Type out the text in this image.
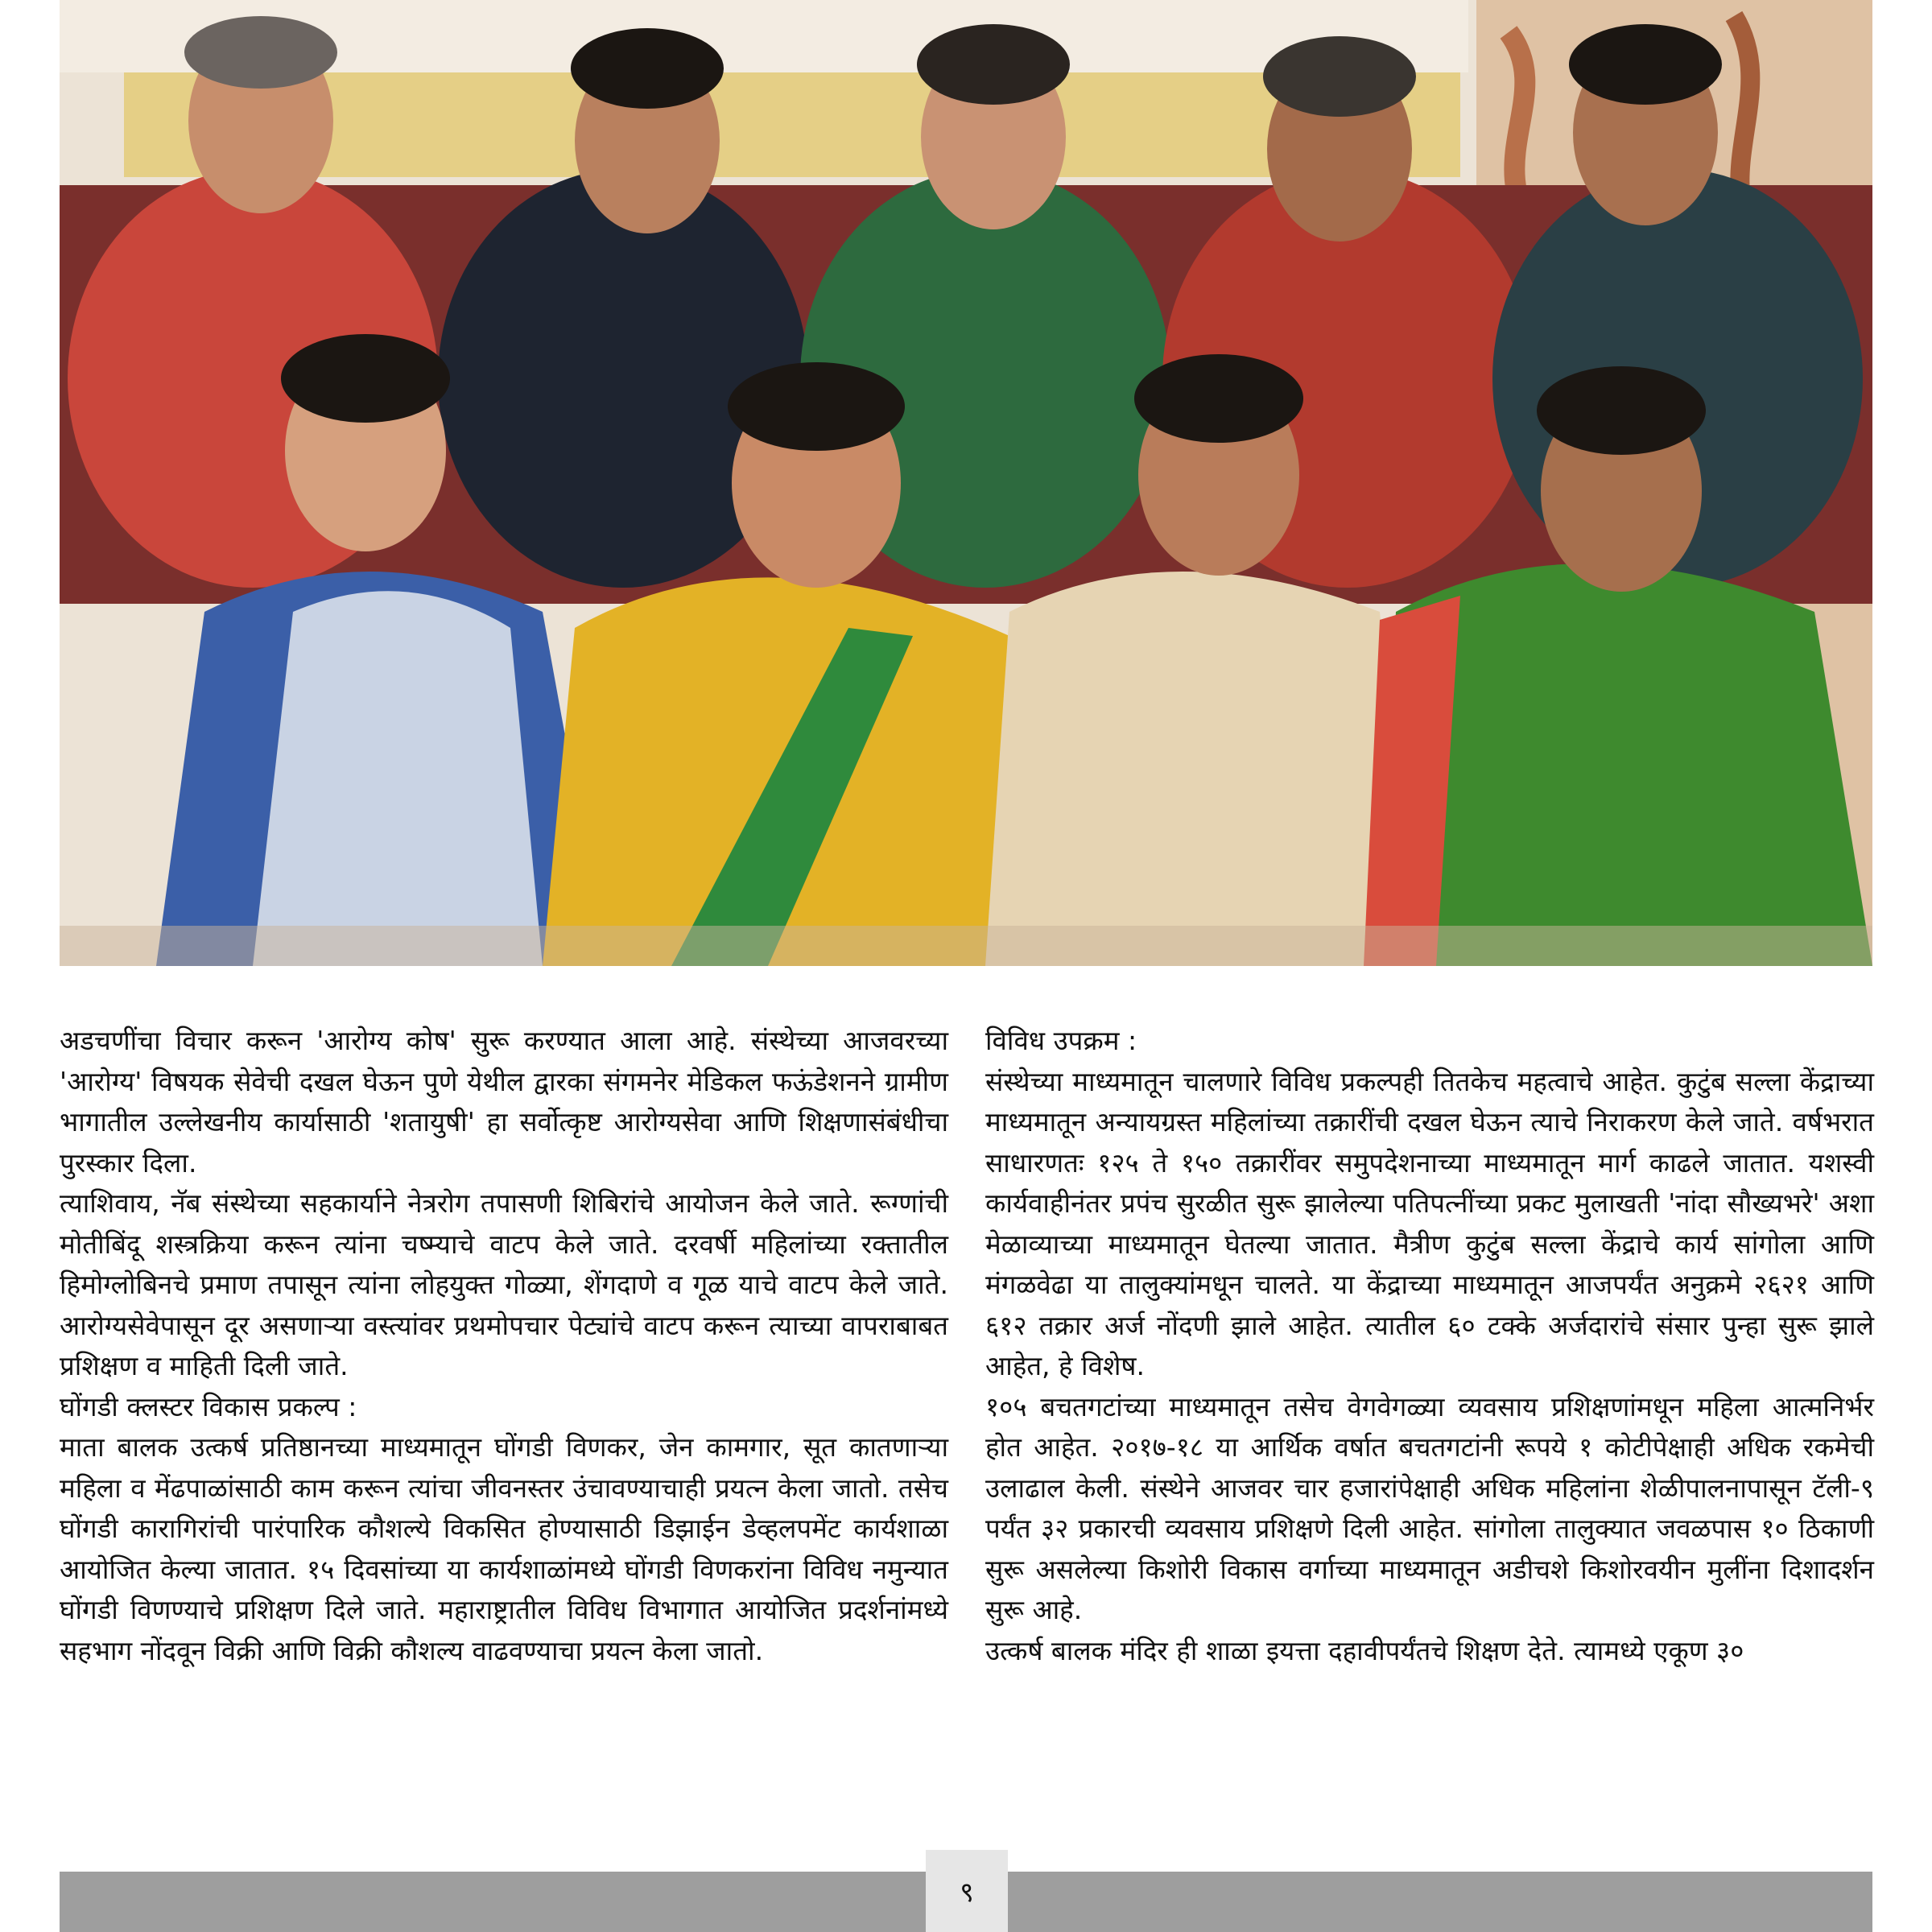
अडचणींचा विचार करून 'आरोग्य कोष' सुरू करण्यात आला आहे. संस्थेच्या आजवरच्या 'आरोग्य' विषयक सेवेची दखल घेऊन पुणे येथील द्वारका संगमनेर मेडिकल फऊंडेशनने ग्रामीण भागातील उल्लेखनीय कार्यासाठी 'शतायुषी' हा सर्वोत्कृष्ट आरोग्यसेवा आणि शिक्षणासंबंधीचा पुरस्कार दिला.

त्याशिवाय, नॅब संस्थेच्या सहकार्याने नेत्ररोग तपासणी शिबिरांचे आयोजन केले जाते. रूग्णांची मोतीबिंदू शस्त्रक्रिया करून त्यांना चष्म्याचे वाटप केले जाते. दरवर्षी महिलांच्या रक्तातील हिमोग्लोबिनचे प्रमाण तपासून त्यांना लोहयुक्त गोळ्या, शेंगदाणे व गूळ याचे वाटप केले जाते. आरोग्यसेवेपासून दूर असणाऱ्या वस्त्यांवर प्रथमोपचार पेट्यांचे वाटप करून त्याच्या वापराबाबत प्रशिक्षण व माहिती दिली जाते.

घोंगडी क्लस्टर विकास प्रकल्प :

माता बालक उत्कर्ष प्रतिष्ठानच्या माध्यमातून घोंगडी विणकर, जेन कामगार, सूत कातणाऱ्या महिला व मेंढपाळांसाठी काम करून त्यांचा जीवनस्तर उंचावण्याचाही प्रयत्न केला जातो. तसेच घोंगडी कारागिरांची पारंपारिक कौशल्ये विकसित होण्यासाठी डिझाईन डेव्हलपमेंट कार्यशाळा आयोजित केल्या जातात. १५ दिवसांच्या या कार्यशाळांमध्ये घोंगडी विणकरांना विविध नमुन्यात घोंगडी विणण्याचे प्रशिक्षण दिले जाते. महाराष्ट्रातील विविध विभागात आयोजित प्रदर्शनांमध्ये सहभाग नोंदवून विक्री आणि विक्री कौशल्य वाढवण्याचा प्रयत्न केला जातो.

विविध उपक्रम :

संस्थेच्या माध्यमातून चालणारे विविध प्रकल्पही तितकेच महत्वाचे आहेत. कुटुंब सल्ला केंद्राच्या माध्यमातून अन्यायग्रस्त महिलांच्या तक्रारींची दखल घेऊन त्याचे निराकरण केले जाते. वर्षभरात साधारणतः १२५ ते १५० तक्रारींवर समुपदेशनाच्या माध्यमातून मार्ग काढले जातात. यशस्वी कार्यवाहीनंतर प्रपंच सुरळीत सुरू झालेल्या पतिपत्नींच्या प्रकट मुलाखती 'नांदा सौख्यभरे' अशा मेळाव्याच्या माध्यमातून घेतल्या जातात. मैत्रीण कुटुंब सल्ला केंद्राचे कार्य सांगोला आणि मंगळवेढा या तालुक्यांमधून चालते. या केंद्राच्या माध्यमातून आजपर्यंत अनुक्रमे २६२१ आणि ६१२ तक्रार अर्ज नोंदणी झाले आहेत. त्यातील ६० टक्के अर्जदारांचे संसार पुन्हा सुरू झाले आहेत, हे विशेष.

१०५ बचतगटांच्या माध्यमातून तसेच वेगवेगळ्या व्यवसाय प्रशिक्षणांमधून महिला आत्मनिर्भर होत आहेत. २०१७-१८ या आर्थिक वर्षात बचतगटांनी रूपये १ कोटीपेक्षाही अधिक रकमेची उलाढाल केली. संस्थेने आजवर चार हजारांपेक्षाही अधिक महिलांना शेळीपालनापासून टॅली-९ पर्यंत ३२ प्रकारची व्यवसाय प्रशिक्षणे दिली आहेत. सांगोला तालुक्यात जवळपास १० ठिकाणी सुरू असलेल्या किशोरी विकास वर्गाच्या माध्यमातून अडीचशे किशोरवयीन मुलींना दिशादर्शन सुरू आहे.

उत्कर्ष बालक मंदिर ही शाळा इयत्ता दहावीपर्यंतचे शिक्षण देते. त्यामध्ये एकूण ३०

९
